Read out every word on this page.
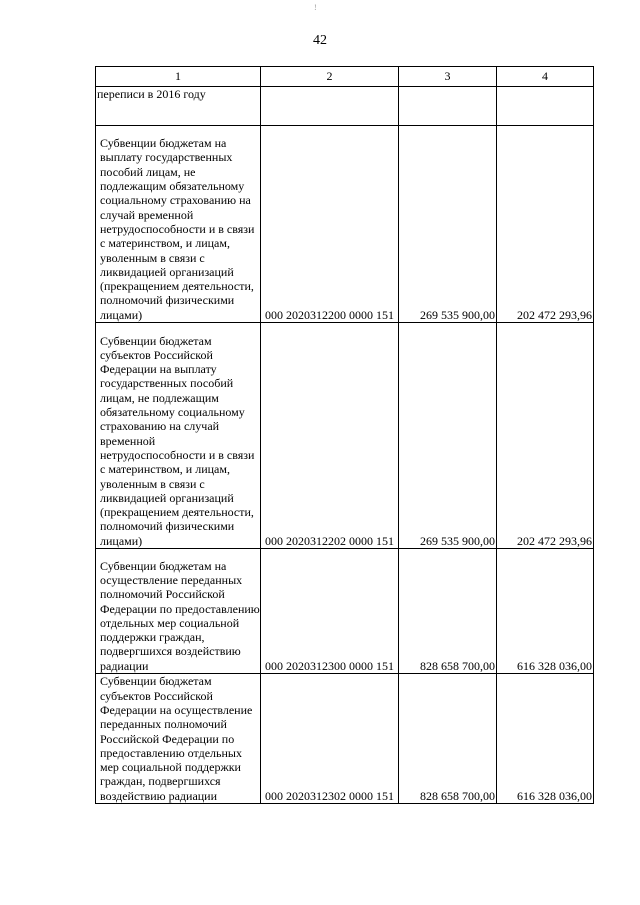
!
42
1	2	3	4
переписи в 2016 году			
Субвенции бюджетам на выплату государственных пособий лицам, не подлежащим обязательному социальному страхованию на случай временной нетрудоспособности и в связи с материнством, и лицам, уволенным в связи с ликвидацией организаций (прекращением деятельности, полномочий физическими лицами)	000 2020312200 0000 151	269 535 900,00	202 472 293,96
Субвенции бюджетам субъектов Российской Федерации на выплату государственных пособий лицам, не подлежащим обязательному социальному страхованию на случай временной нетрудоспособности и в связи с материнством, и лицам, уволенным в связи с ликвидацией организаций (прекращением деятельности, полномочий физическими лицами)	000 2020312202 0000 151	269 535 900,00	202 472 293,96
Субвенции бюджетам на осуществление переданных полномочий Российской Федерации по предоставлению отдельных мер социальной поддержки граждан, подвергшихся воздействию радиации	000 2020312300 0000 151	828 658 700,00	616 328 036,00
Субвенции бюджетам субъектов Российской Федерации на осуществление переданных полномочий Российской Федерации по предоставлению отдельных мер социальной поддержки граждан, подвергшихся воздействию радиации	000 2020312302 0000 151	828 658 700,00	616 328 036,00
